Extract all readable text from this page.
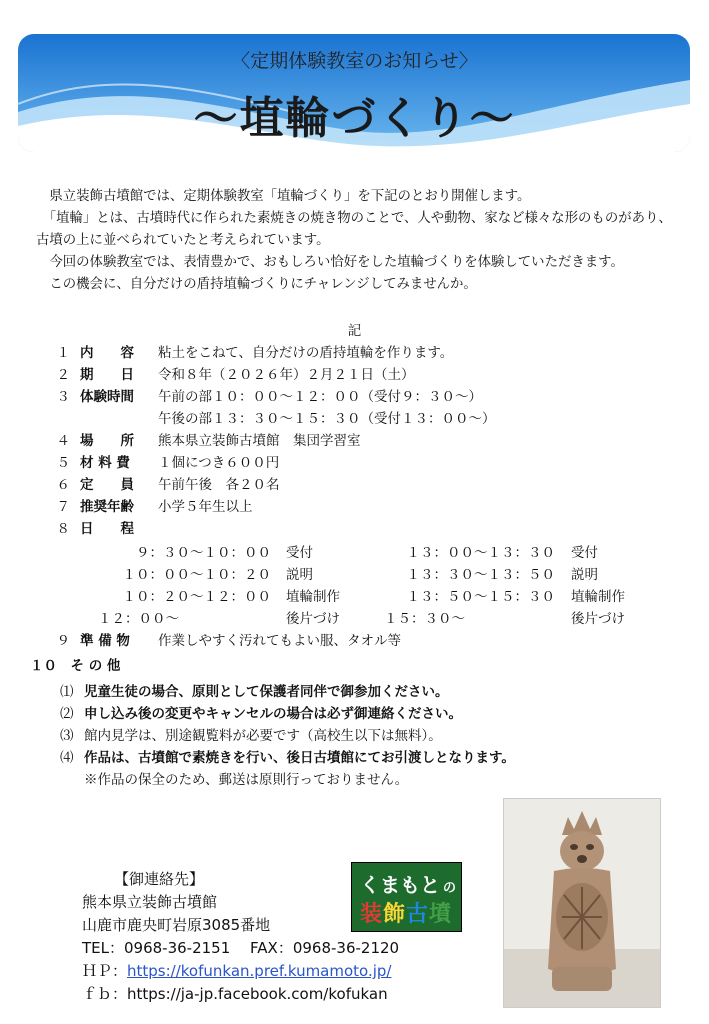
〈定期体験教室のお知らせ〉
～埴輪づくり～

　県立装飾古墳館では、定期体験教室「埴輪づくり」を下記のとおり開催します。

　「埴輪」とは、古墳時代に作られた素焼きの焼き物のことで、人や動物、家など様々な形のものがあり、古墳の上に並べられていたと考えられています。

　今回の体験教室では、表情豊かで、おもしろい恰好をした埴輪づくりを体験していただきます。

　この機会に、自分だけの盾持埴輪づくりにチャレンジしてみませんか。

記
１ 内　　容	粘土をこねて、自分だけの盾持埴輪を作ります。
２ 期　　日	令和８年（２０２６年）２月２１日（土）
３ 体験時間	午前の部１０：００～１２：００（受付９：３０～）
午後の部１３：３０～１５：３０（受付１３：００～）
４ 場　　所	熊本県立装飾古墳館　集団学習室
５ 材 料 費	１個につき６００円
６ 定　　員	午前午後　各２０名
７ 推奨年齢	小学５年生以上
８ 日　　程
９：３０～１０：００ 受付	１３：００～１３：３０ 受付
１０：００～１０：２０ 説明	１３：３０～１３：５０ 説明
１０：２０～１２：００ 埴輪制作	１３：５０～１５：３０ 埴輪制作
１２：００～	後片づけ	１５：３０～	後片づけ
９ 準 備 物	作業しやすく汚れてもよい服、タオル等
１０　そ の 他
⑴ 児童生徒の場合、原則として保護者同伴で御参加ください。
⑵ 申し込み後の変更やキャンセルの場合は必ず御連絡ください。
⑶ 館内見学は、別途観覧料が必要です（高校生以下は無料）。
⑷ 作品は、古墳館で素焼きを行い、後日古墳館にてお引渡しとなります。
※作品の保全のため、郵送は原則行っておりません。
【御連絡先】
熊本県立装飾古墳館
山鹿市鹿央町岩原3085番地
TEL：0968-36-2151　 FAX：0968-36-2120
ＨＰ：https://kofunkan.pref.kumamoto.jp/
ｆｂ：https://ja-jp.facebook.com/kofukan
くまもと の
装飾古墳
